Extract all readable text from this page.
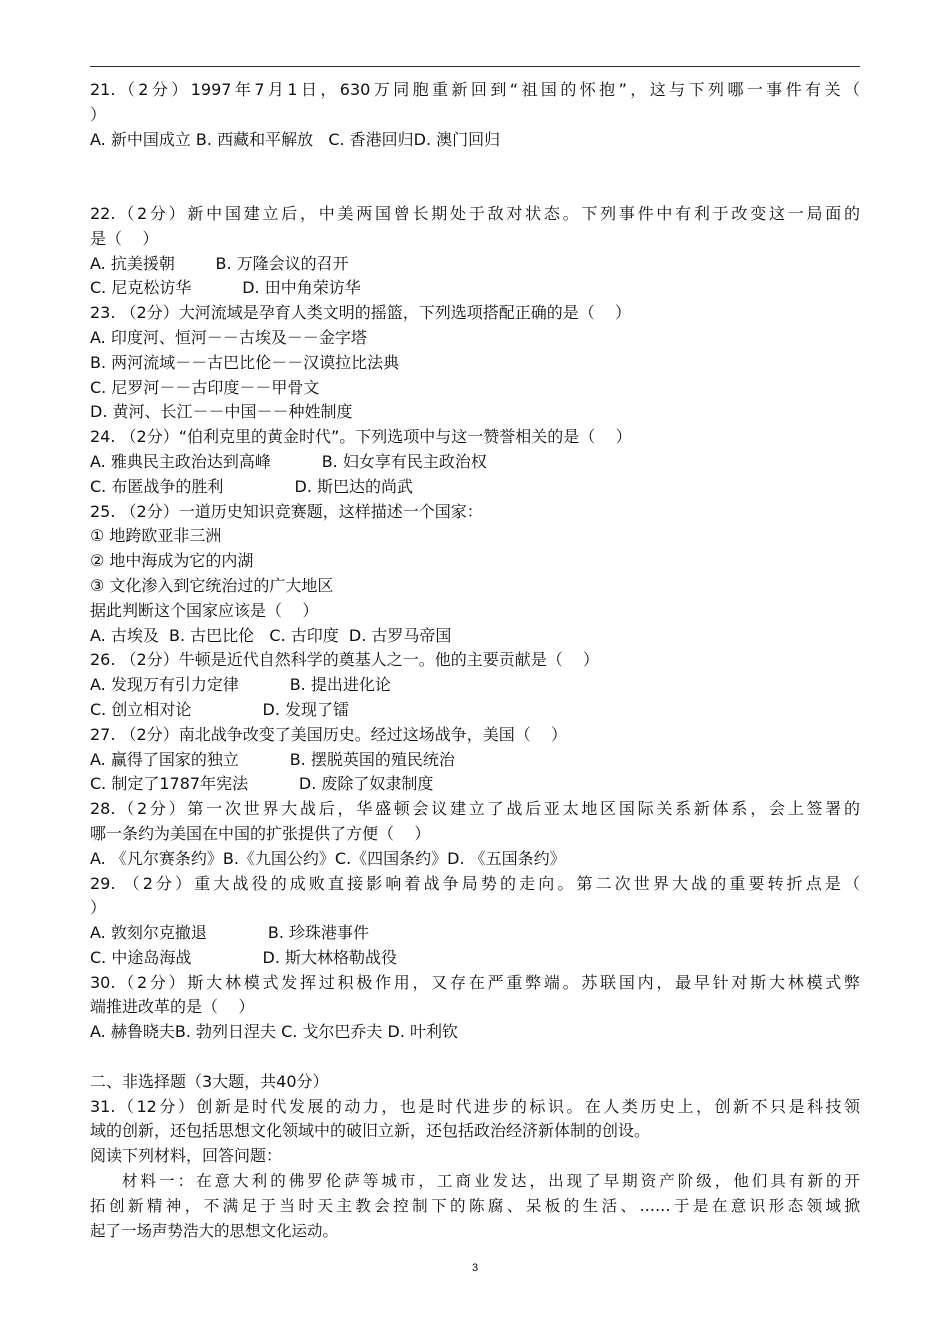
21.（2分）1997年7月1日，630万同胞重新回到“祖国的怀抱”，这与下列哪一事件有关（
）
A. 新中国成立 B. 西藏和平解放   C. 香港回归D. 澳门回归
22.（2分）新中国建立后，中美两国曾长期处于敌对状态。下列事件中有利于改变这一局面的
是（    ）
A. 抗美援朝        B. 万隆会议的召开
C. 尼克松访华          D. 田中角荣访华
23. （2分）大河流域是孕育人类文明的摇篮，下列选项搭配正确的是（    ）
A. 印度河、恒河－－古埃及－－金字塔
B. 两河流域－－古巴比伦－－汉谟拉比法典
C. 尼罗河－－古印度－－甲骨文
D. 黄河、长江－－中国－－种姓制度
24. （2分）“伯利克里的黄金时代”。下列选项中与这一赞誉相关的是（    ）
A. 雅典民主政治达到高峰          B. 妇女享有民主政治权
C. 布匿战争的胜利              D. 斯巴达的尚武
25. （2分）一道历史知识竞赛题，这样描述一个国家：
① 地跨欧亚非三洲
② 地中海成为它的内湖
③ 文化渗入到它统治过的广大地区
据此判断这个国家应该是（    ）
A. 古埃及  B. 古巴比伦   C. 古印度  D. 古罗马帝国
26. （2分）牛顿是近代自然科学的奠基人之一。他的主要贡献是（    ）
A. 发现万有引力定律          B. 提出进化论
C. 创立相对论              D. 发现了镭
27. （2分）南北战争改变了美国历史。经过这场战争，美国（    ）
A. 赢得了国家的独立          B. 摆脱英国的殖民统治
C. 制定了1787年宪法          D. 废除了奴隶制度
28.（2分）第一次世界大战后，华盛顿会议建立了战后亚太地区国际关系新体系，会上签署的
哪一条约为美国在中国的扩张提供了方便（    ）
A. 《凡尔赛条约》B.《九国公约》C.《四国条约》D. 《五国条约》
29. （2分）重大战役的成败直接影响着战争局势的走向。第二次世界大战的重要转折点是（
）
A. 敦刻尔克撤退            B. 珍珠港事件
C. 中途岛海战              D. 斯大林格勒战役
30.（2分）斯大林模式发挥过积极作用，又存在严重弊端。苏联国内，最早针对斯大林模式弊
端推进改革的是（    ）
A. 赫鲁晓夫B. 勃列日涅夫 C. 戈尔巴乔夫 D. 叶利钦
二、非选择题（3大题，共40分）
31.（12分）创新是时代发展的动力，也是时代进步的标识。在人类历史上，创新不只是科技领
域的创新，还包括思想文化领域中的破旧立新，还包括政治经济新体制的创设。
阅读下列材料，回答问题：
材料一：在意大利的佛罗伦萨等城市，工商业发达，出现了早期资产阶级，他们具有新的开
拓创新精神，不满足于当时天主教会控制下的陈腐、呆板的生活、……于是在意识形态领域掀
起了一场声势浩大的思想文化运动。
3
